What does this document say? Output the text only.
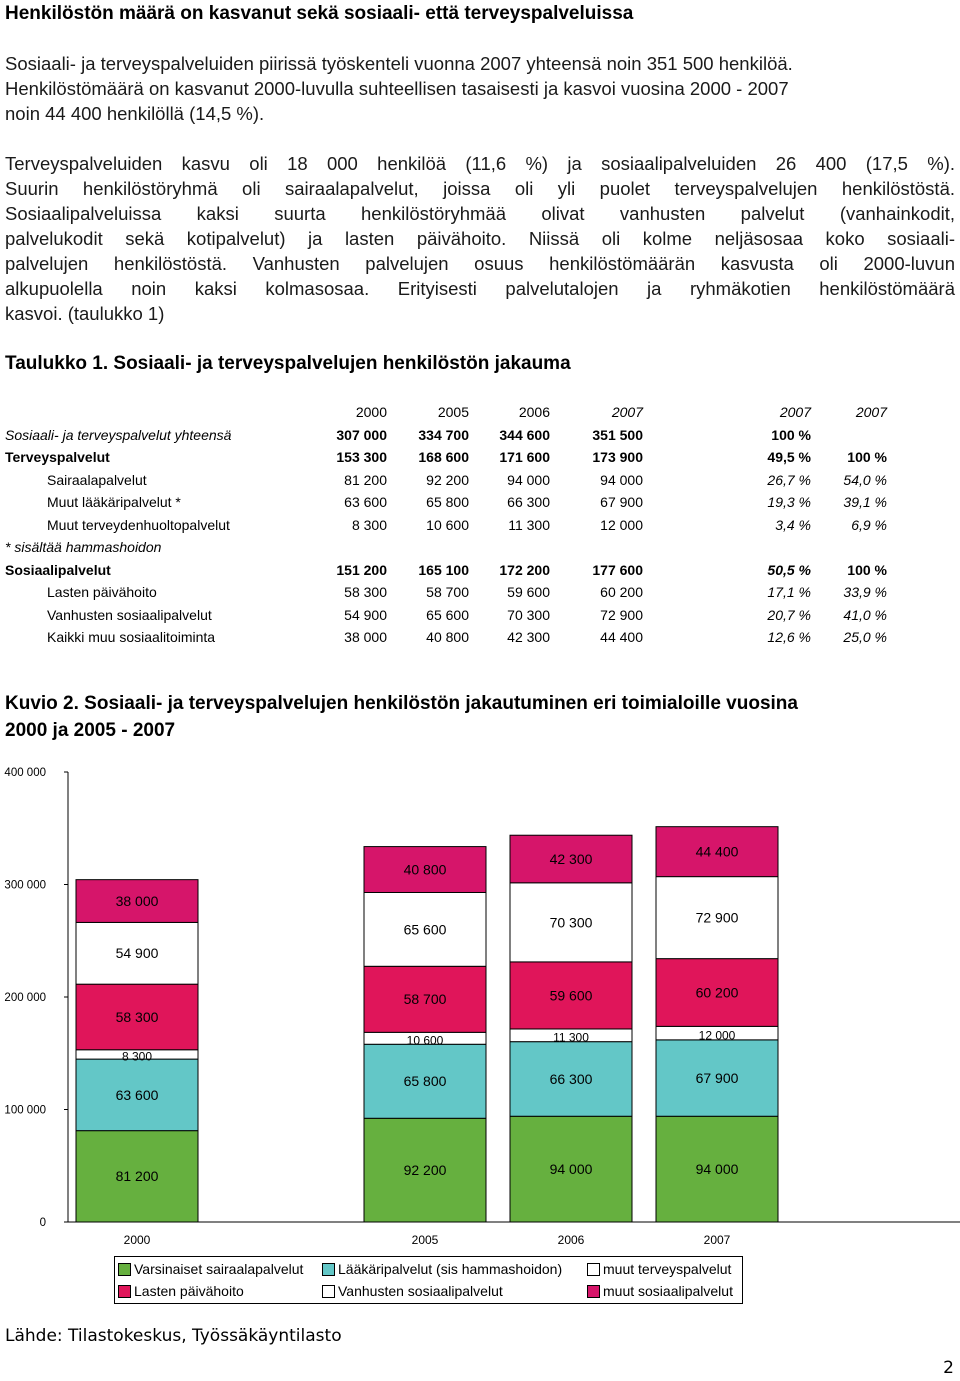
Henkilöstön määrä on kasvanut sekä sosiaali- että terveyspalveluissa
Sosiaali- ja terveyspalveluiden piirissä työskenteli vuonna 2007 yhteensä noin 351 500 henkilöä.
Henkilöstömäärä on kasvanut 2000-luvulla suhteellisen tasaisesti ja kasvoi vuosina 2000 - 2007
noin 44 400 henkilöllä (14,5 %).
Terveyspalveluiden kasvu oli 18 000 henkilöä (11,6 %) ja sosiaalipalveluiden 26 400 (17,5 %).
Suurin henkilöstöryhmä oli sairaalapalvelut, joissa oli yli puolet terveyspalvelujen henkilöstöstä.
Sosiaalipalveluissa kaksi suurta henkilöstöryhmää olivat vanhusten palvelut (vanhainkodit,
palvelukodit sekä kotipalvelut) ja lasten päivähoito. Niissä oli kolme neljäsosaa koko sosiaali-
palvelujen henkilöstöstä. Vanhusten palvelujen osuus henkilöstömäärän kasvusta oli 2000-luvun
alkupuolella noin kaksi kolmasosaa. Erityisesti palvelutalojen ja ryhmäkotien henkilöstömäärä
kasvoi. (taulukko 1)
Taulukko 1. Sosiaali- ja terveyspalvelujen henkilöstön jakauma
	2000	2005	2006	2007	2007	2007
Sosiaali- ja terveyspalvelut yhteensä	307 000	334 700	344 600	351 500	100 %	
Terveyspalvelut	153 300	168 600	171 600	173 900	49,5 %	100 %
Sairaalapalvelut	81 200	92 200	94 000	94 000	26,7 %	54,0 %
Muut lääkäripalvelut *	63 600	65 800	66 300	67 900	19,3 %	39,1 %
Muut terveydenhuoltopalvelut	8 300	10 600	11 300	12 000	3,4 %	6,9 %
* sisältää hammashoidon						
Sosiaalipalvelut	151 200	165 100	172 200	177 600	50,5 %	100 %
Lasten päivähoito	58 300	58 700	59 600	60 200	17,1 %	33,9 %
Vanhusten sosiaalipalvelut	54 900	65 600	70 300	72 900	20,7 %	41,0 %
Kaikki muu sosiaalitoiminta	38 000	40 800	42 300	44 400	12,6 %	25,0 %
Kuvio 2. Sosiaali- ja terveyspalvelujen henkilöstön jakautuminen eri toimialoille vuosina
2000 ja 2005 - 2007
0
100 000
200 000
300 000
400 000
81 200
63 600
8 300
58 300
54 900
38 000
2000
92 200
65 800
10 600
58 700
65 600
40 800
2005
94 000
66 300
11 300
59 600
70 300
42 300
2006
94 000
67 900
12 000
60 200
72 900
44 400
2007
Varsinaiset sairaalapalvelut Lääkäripalvelut (sis hammashoidon)	muut terveyspalvelut
Lasten päivähoito	Vanhusten sosiaalipalvelut	muut sosiaalipalvelut
Lähde: Tilastokeskus, Työssäkäyntilasto
2
